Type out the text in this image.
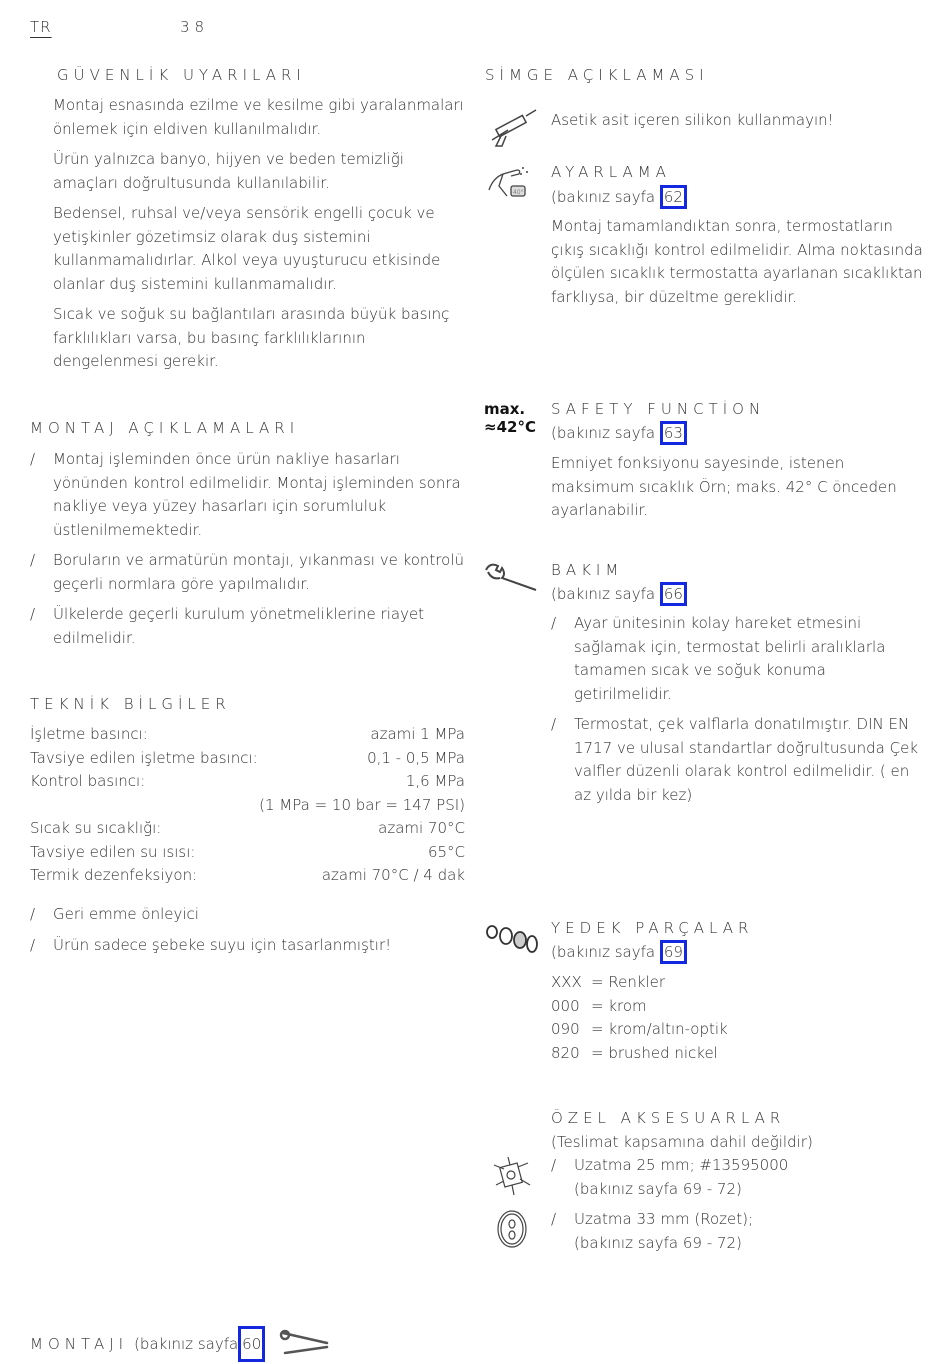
TR	38
GÜVENLİK UYARILARI

Montaj esnasında ezilme ve kesilme gibi yaralanmaları önlemek için eldiven kullanılmalıdır.

Ürün yalnızca banyo, hijyen ve beden temizliği amaçları doğrultusunda kullanılabilir.

Bedensel, ruhsal ve/veya sensörik engelli çocuk ve yetişkinler gözetimsiz olarak duş sistemini kullanmamalıdırlar. Alkol veya uyuşturucu etkisinde olanlar duş sistemini kullanmamalıdır.

Sıcak ve soğuk su bağlantıları arasında büyük basınç farklılıkları varsa, bu basınç farklılıklarının dengelenmesi gerekir.

MONTAJ AÇIKLAMALARI
/	Montaj işleminden önce ürün nakliye hasarları yönünden kontrol edilmelidir. Montaj işleminden sonra nakliye veya yüzey hasarları için sorumluluk üstlenilmemektedir.
/	Boruların ve armatürün montajı, yıkanması ve kontrolü geçerli normlara göre yapılmalıdır.
/	Ülkelerde geçerli kurulum yönetmeliklerine riayet edilmelidir.
TEKNİK BİLGİLER
İşletme basıncı:	azami 1 MPa
Tavsiye edilen işletme basıncı:	0,1 - 0,5 MPa
Kontrol basıncı:	1,6 MPa
(1 MPa = 10 bar = 147 PSI)
Sıcak su sıcaklığı:	azami 70°C
Tavsiye edilen su ısısı:	65°C
Termik dezenfeksiyon:	azami 70°C / 4 dak
/	Geri emme önleyici
/	Ürün sadece şebeke suyu için tasarlanmıştır!
MONTAJI (bakınız sayfa 60
SİMGE AÇIKLAMASI
Asetik asit içeren silikon kullanmayın!
40°
AYARLAMA
(bakınız sayfa 62
Montaj tamamlandıktan sonra, termostatların çıkış sıcaklığı kontrol edilmelidir. Alma noktasında ölçülen sıcaklık termostatta ayarlanan sıcaklıktan farklıysa, bir düzeltme gereklidir.
max.
≈42°C
SAFETY FUNCTİON
(bakınız sayfa 63
Emniyet fonksiyonu sayesinde, istenen maksimum sıcaklık Örn; maks. 42° C önceden ayarlanabilir.
BAKIM
(bakınız sayfa 66
/	Ayar ünitesinin kolay hareket etmesini sağlamak için, termostat belirli aralıklarla tamamen sıcak ve soğuk konuma getirilmelidir.
/	Termostat, çek valflarla donatılmıştır. DIN EN 1717 ve ulusal standartlar doğrultusunda Çek valfler düzenli olarak kontrol edilmelidir. ( en az yılda bir kez)
YEDEK PARÇALAR
(bakınız sayfa 69
XXX = Renkler
000 = krom
090 = krom/altın-optik
820 = brushed nickel
ÖZEL AKSESUARLAR
(Teslimat kapsamına dahil değildir)
/	Uzatma 25 mm; #13595000
(bakınız sayfa 69 - 72)
/	Uzatma 33 mm (Rozet);
(bakınız sayfa 69 - 72)
